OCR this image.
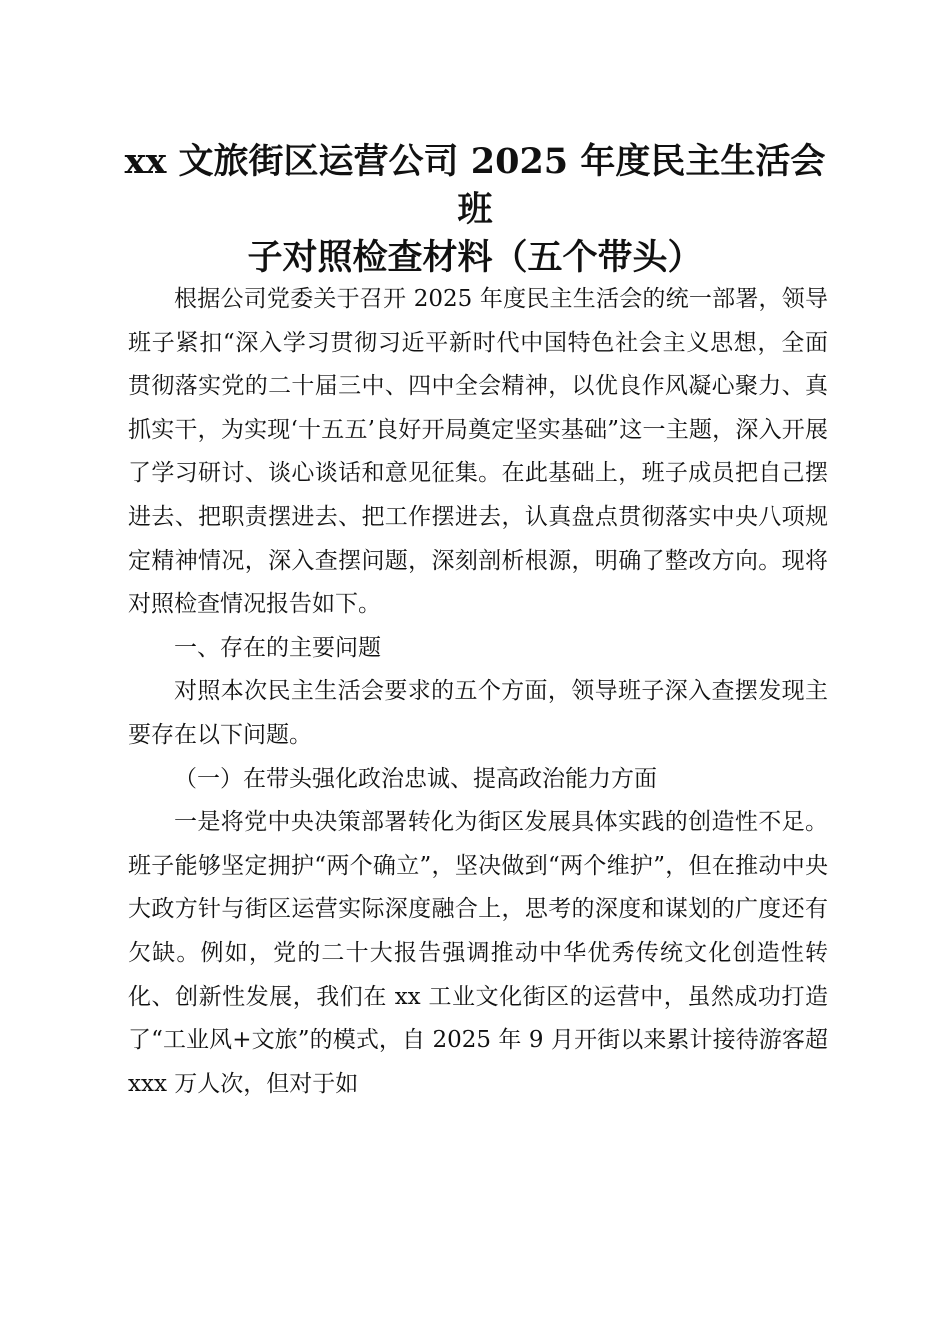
xx 文旅街区运营公司 2025 年度民主生活会班
子对照检查材料（五个带头）

根据公司党委关于召开 2025 年度民主生活会的统一部署，领导班子紧扣“深入学习贯彻习近平新时代中国特色社会主义思想，全面贯彻落实党的二十届三中、四中全会精神，以优良作风凝心聚力、真抓实干，为实现‘十五五’良好开局奠定坚实基础”这一主题，深入开展了学习研讨、谈心谈话和意见征集。在此基础上，班子成员把自己摆进去、把职责摆进去、把工作摆进去，认真盘点贯彻落实中央八项规定精神情况，深入查摆问题，深刻剖析根源，明确了整改方向。现将对照检查情况报告如下。

一、存在的主要问题

对照本次民主生活会要求的五个方面，领导班子深入查摆发现主要存在以下问题。

（一）在带头强化政治忠诚、提高政治能力方面

一是将党中央决策部署转化为街区发展具体实践的创造性不足。班子能够坚定拥护“两个确立”，坚决做到“两个维护”，但在推动中央大政方针与街区运营实际深度融合上，思考的深度和谋划的广度还有欠缺。例如，党的二十大报告强调推动中华优秀传统文化创造性转化、创新性发展，我们在 xx 工业文化街区的运营中，虽然成功打造了“工业风+文旅”的模式，自 2025 年 9 月开街以来累计接待游客超 xxx 万人次，但对于如
